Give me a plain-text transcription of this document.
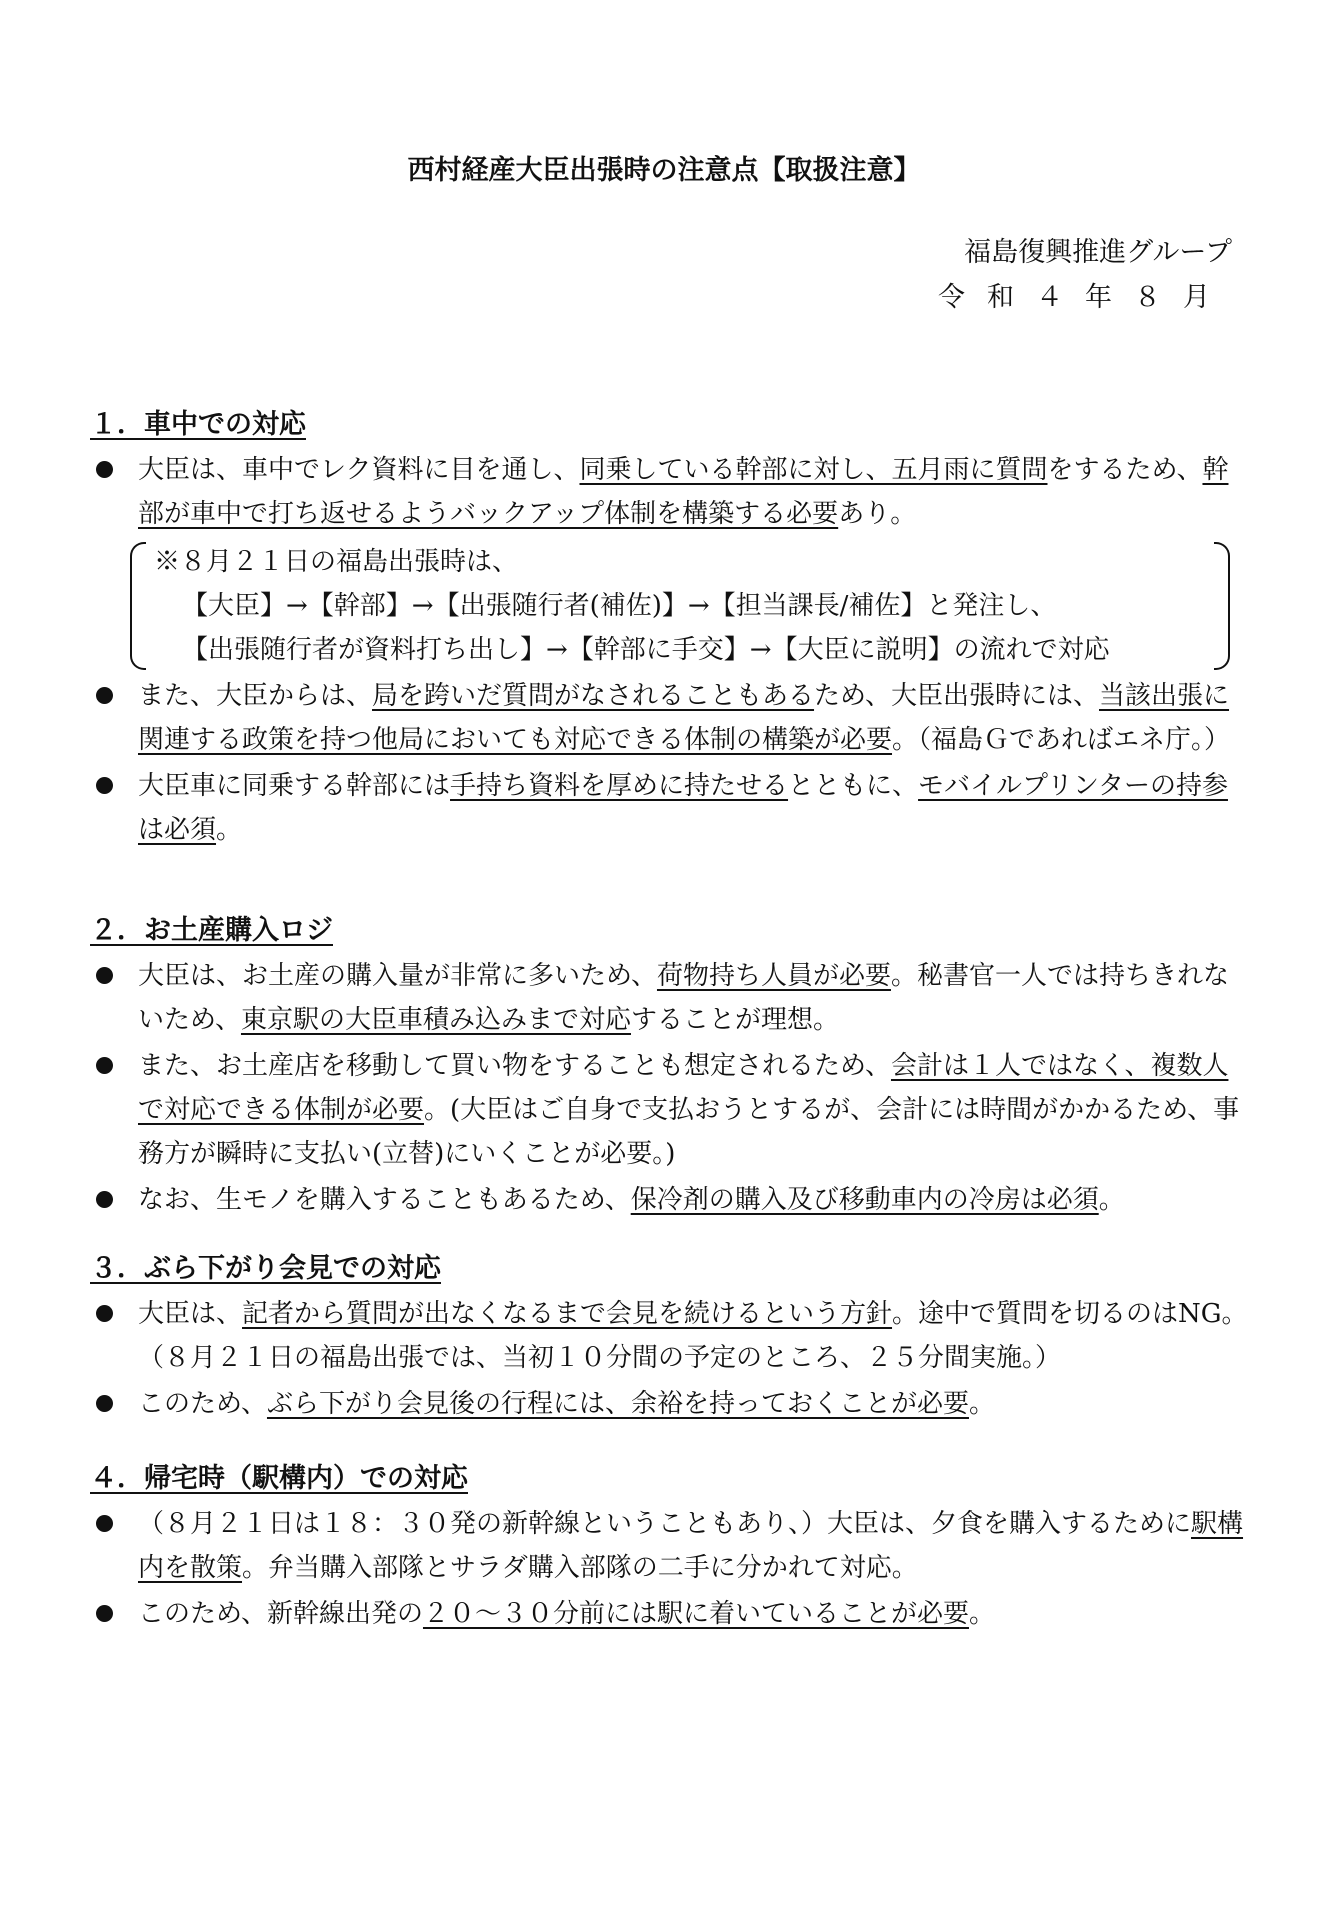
西村経産大臣出張時の注意点【取扱注意】
福島復興推進グループ
令和４年８月
１．車中での対応
大臣は、車中でレク資料に目を通し、同乗している幹部に対し、五月雨に質問をするため、幹部が車中で打ち返せるようバックアップ体制を構築する必要あり。
※８月２１日の福島出張時は、
【大臣】→【幹部】→【出張随行者(補佐)】→【担当課長/補佐】と発注し、
【出張随行者が資料打ち出し】→【幹部に手交】→【大臣に説明】の流れで対応
また、大臣からは、局を跨いだ質問がなされることもあるため、大臣出張時には、当該出張に関連する政策を持つ他局においても対応できる体制の構築が必要。（福島Ｇであればエネ庁。）
大臣車に同乗する幹部には手持ち資料を厚めに持たせるとともに、モバイルプリンターの持参は必須。
２．お土産購入ロジ
大臣は、お土産の購入量が非常に多いため、荷物持ち人員が必要。秘書官一人では持ちきれないため、東京駅の大臣車積み込みまで対応することが理想。
また、お土産店を移動して買い物をすることも想定されるため、会計は１人ではなく、複数人で対応できる体制が必要。(大臣はご自身で支払おうとするが、会計には時間がかかるため、事務方が瞬時に支払い(立替)にいくことが必要。)
なお、生モノを購入することもあるため、保冷剤の購入及び移動車内の冷房は必須。
３．ぶら下がり会見での対応
大臣は、記者から質問が出なくなるまで会見を続けるという方針。途中で質問を切るのはNG。（８月２１日の福島出張では、当初１０分間の予定のところ、２５分間実施。）
このため、ぶら下がり会見後の行程には、余裕を持っておくことが必要。
４．帰宅時（駅構内）での対応
（８月２１日は１８：３０発の新幹線ということもあり、）大臣は、夕食を購入するために駅構内を散策。弁当購入部隊とサラダ購入部隊の二手に分かれて対応。
このため、新幹線出発の２０～３０分前には駅に着いていることが必要。
